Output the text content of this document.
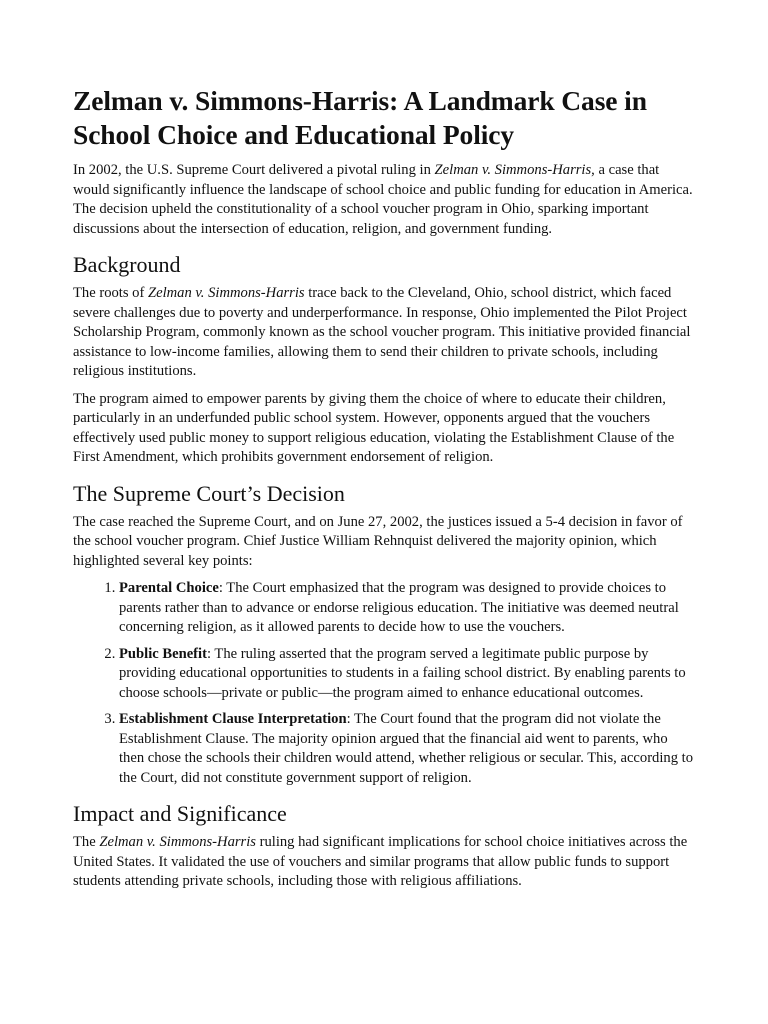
Zelman v. Simmons-Harris: A Landmark Case in School Choice and Educational Policy

In 2002, the U.S. Supreme Court delivered a pivotal ruling in Zelman v. Simmons-Harris, a case that would significantly influence the landscape of school choice and public funding for education in America. The decision upheld the constitutionality of a school voucher program in Ohio, sparking important discussions about the intersection of education, religion, and government funding.

Background

The roots of Zelman v. Simmons-Harris trace back to the Cleveland, Ohio, school district, which faced severe challenges due to poverty and underperformance. In response, Ohio implemented the Pilot Project Scholarship Program, commonly known as the school voucher program. This initiative provided financial assistance to low-income families, allowing them to send their children to private schools, including religious institutions.

The program aimed to empower parents by giving them the choice of where to educate their children, particularly in an underfunded public school system. However, opponents argued that the vouchers effectively used public money to support religious education, violating the Establishment Clause of the First Amendment, which prohibits government endorsement of religion.

The Supreme Court’s Decision

The case reached the Supreme Court, and on June 27, 2002, the justices issued a 5-4 decision in favor of the school voucher program. Chief Justice William Rehnquist delivered the majority opinion, which highlighted several key points:

1. Parental Choice: The Court emphasized that the program was designed to provide choices to parents rather than to advance or endorse religious education. The initiative was deemed neutral concerning religion, as it allowed parents to decide how to use the vouchers.
2. Public Benefit: The ruling asserted that the program served a legitimate public purpose by providing educational opportunities to students in a failing school district. By enabling parents to choose schools—private or public—the program aimed to enhance educational outcomes.
3. Establishment Clause Interpretation: The Court found that the program did not violate the Establishment Clause. The majority opinion argued that the financial aid went to parents, who then chose the schools their children would attend, whether religious or secular. This, according to the Court, did not constitute government support of religion.
Impact and Significance

The Zelman v. Simmons-Harris ruling had significant implications for school choice initiatives across the United States. It validated the use of vouchers and similar programs that allow public funds to support students attending private schools, including those with religious affiliations.
